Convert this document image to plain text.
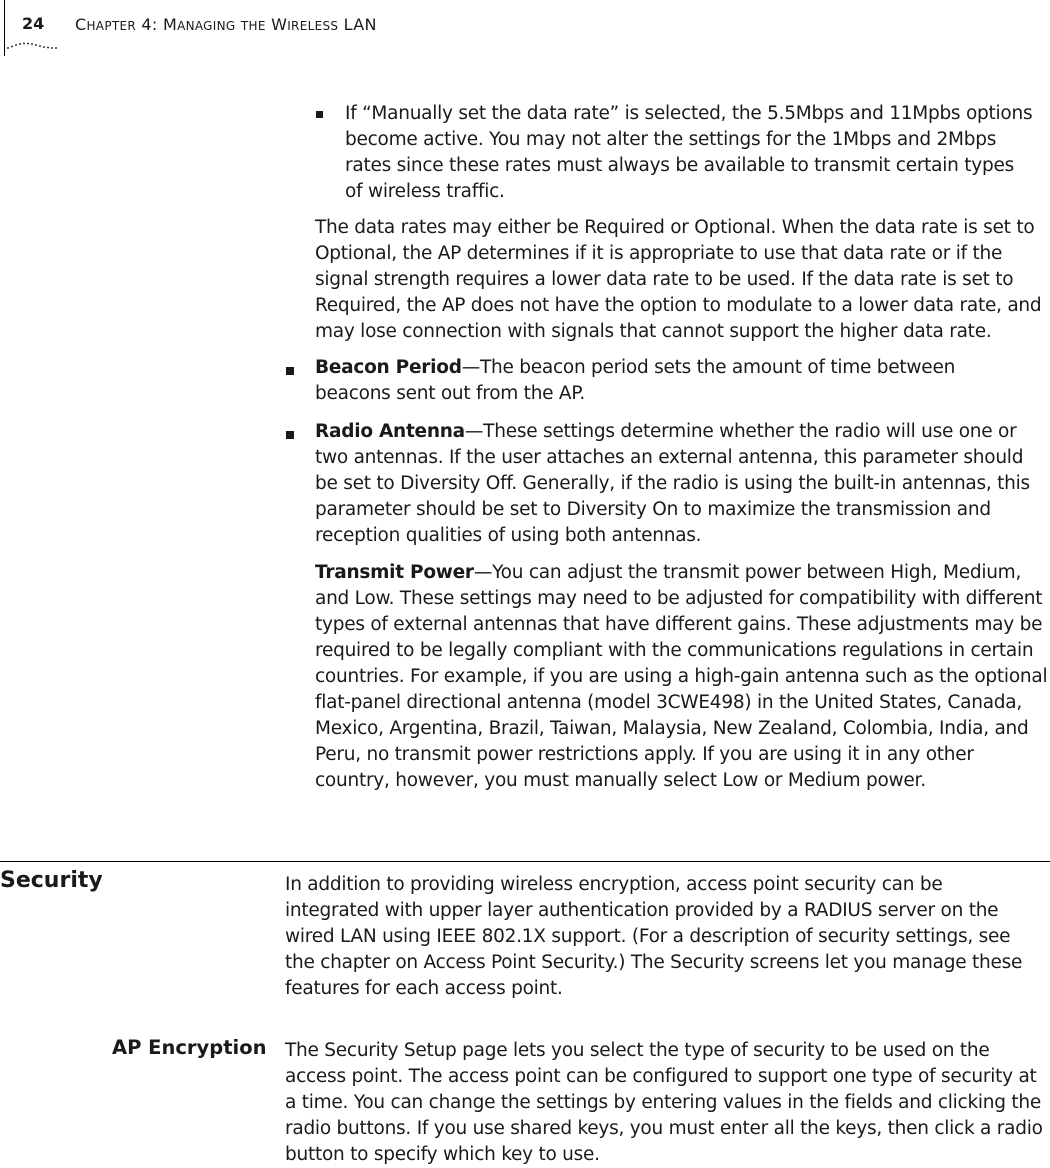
24 CHAPTER 4: MANAGING THE WIRELESS LAN
If “Manually set the data rate” is selected, the 5.5Mbps and 11Mpbs options become active. You may not alter the settings for the 1Mbps and 2Mbps rates since these rates must always be available to transmit certain types of wireless traffic.
The data rates may either be Required or Optional. When the data rate is set to Optional, the AP determines if it is appropriate to use that data rate or if the signal strength requires a lower data rate to be used. If the data rate is set to Required, the AP does not have the option to modulate to a lower data rate, and may lose connection with signals that cannot support the higher data rate.
Beacon Period—The beacon period sets the amount of time between beacons sent out from the AP.
Radio Antenna—These settings determine whether the radio will use one or two antennas. If the user attaches an external antenna, this parameter should be set to Diversity Off. Generally, if the radio is using the built-in antennas, this parameter should be set to Diversity On to maximize the transmission and reception qualities of using both antennas.
Transmit Power—You can adjust the transmit power between High, Medium, and Low. These settings may need to be adjusted for compatibility with different types of external antennas that have different gains. These adjustments may be required to be legally compliant with the communications regulations in certain countries. For example, if you are using a high-gain antenna such as the optional flat-panel directional antenna (model 3CWE498) in the United States, Canada, Mexico, Argentina, Brazil, Taiwan, Malaysia, New Zealand, Colombia, India, and Peru, no transmit power restrictions apply. If you are using it in any other country, however, you must manually select Low or Medium power.
Security	In addition to providing wireless encryption, access point security can be integrated with upper layer authentication provided by a RADIUS server on the wired LAN using IEEE 802.1X support. (For a description of security settings, see the chapter on Access Point Security.) The Security screens let you manage these features for each access point.
AP Encryption The Security Setup page lets you select the type of security to be used on the access point. The access point can be configured to support one type of security at a time. You can change the settings by entering values in the fields and clicking the radio buttons. If you use shared keys, you must enter all the keys, then click a radio button to specify which key to use.
